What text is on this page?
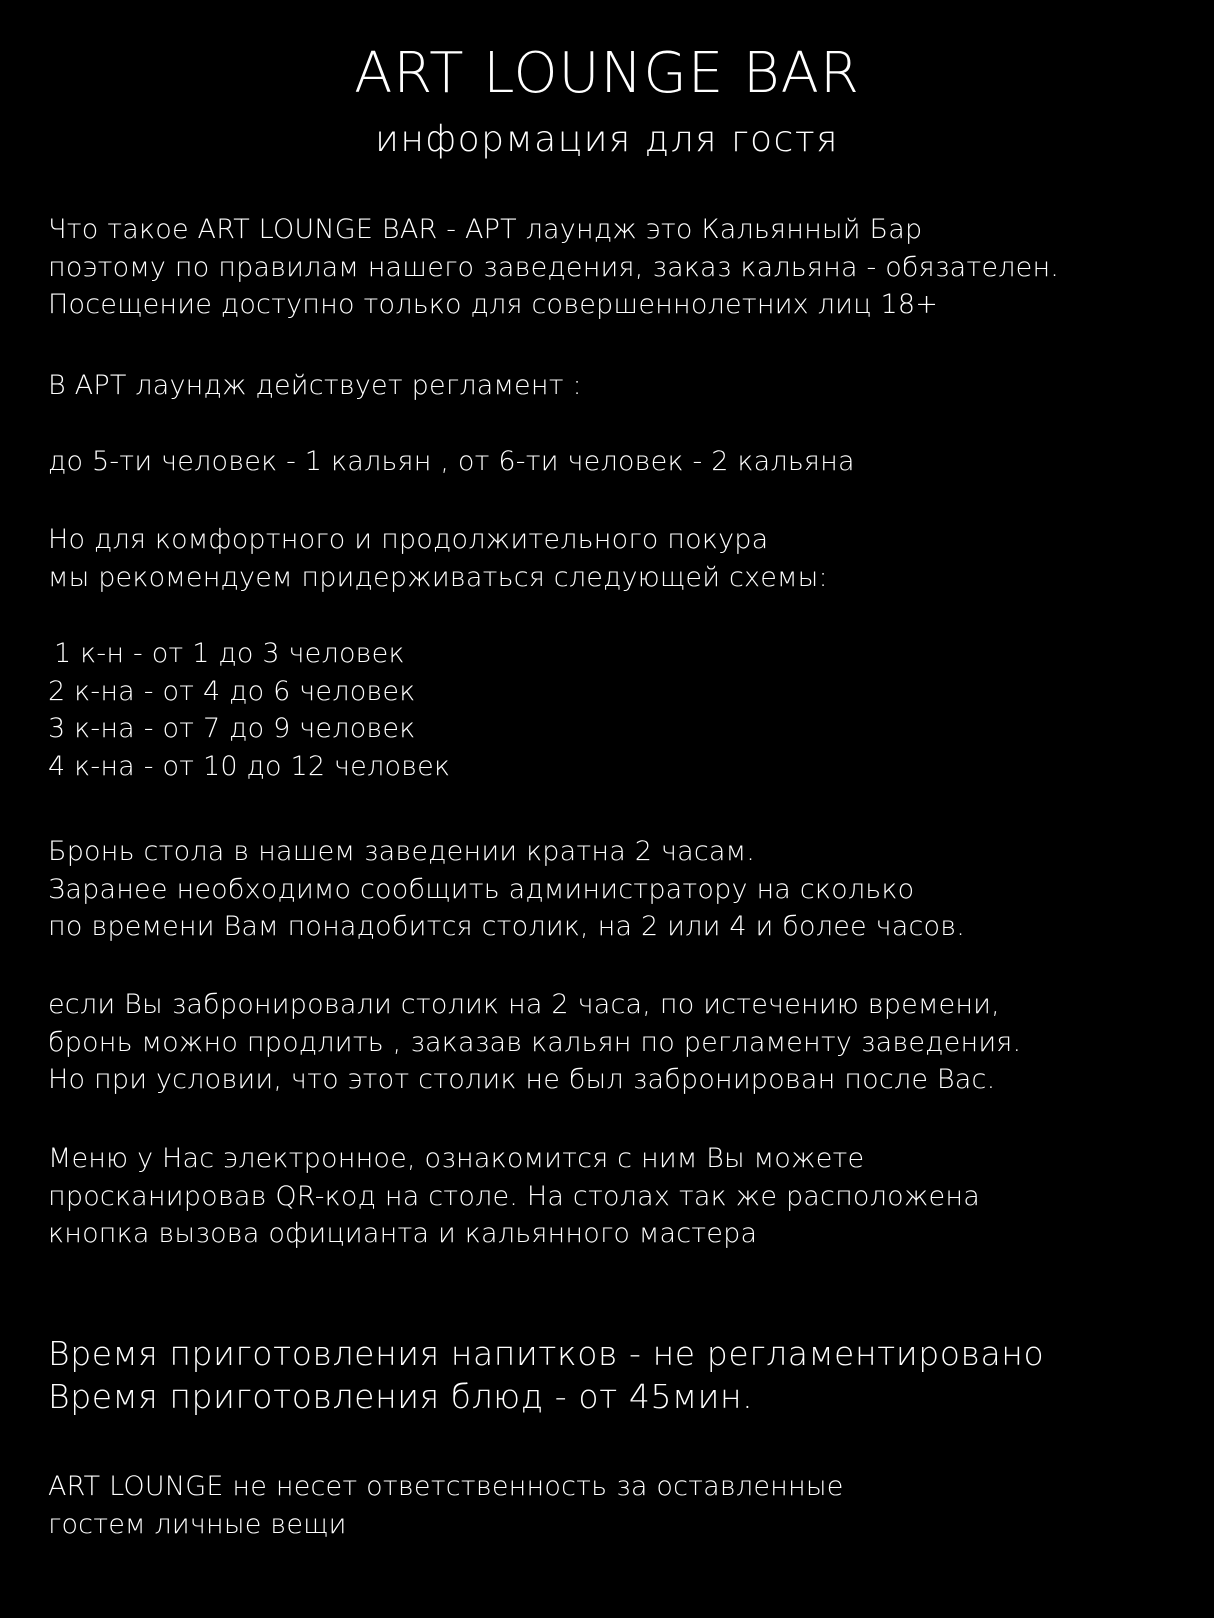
ART LOUNGE BAR
информация для гостя
Что такое ART LOUNGE BAR - АРТ лаундж это Кальянный Бар
поэтому по правилам нашего заведения, заказ кальяна - обязателен.
Посещение доступно только для совершеннолетних лиц 18+
В АРТ лаундж действует регламент :
до 5-ти человек - 1 кальян , от 6-ти человек - 2 кальяна
Но для комфортного и продолжительного покура
мы рекомендуем придерживаться следующей схемы:
1 к-н - от 1 до 3 человек
2 к-на - от 4 до 6 человек
3 к-на - от 7 до 9 человек
4 к-на - от 10 до 12 человек
Бронь стола в нашем заведении кратна 2 часам.
Заранее необходимо сообщить администратору на сколько
по времени Вам понадобится столик, на 2 или 4 и более часов.
если Вы забронировали столик на 2 часа, по истечению времени,
бронь можно продлить , заказав кальян по регламенту заведения.
Но при условии, что этот столик не был забронирован после Вас.
Меню у Нас электронное, ознакомится с ним Вы можете
просканировав QR-код на столе. На столах так же расположена
кнопка вызова официанта и кальянного мастера
Время приготовления напитков - не регламентировано
Время приготовления блюд - от 45мин.
ART LOUNGE не несет ответственность за оставленные
гостем личные вещи
